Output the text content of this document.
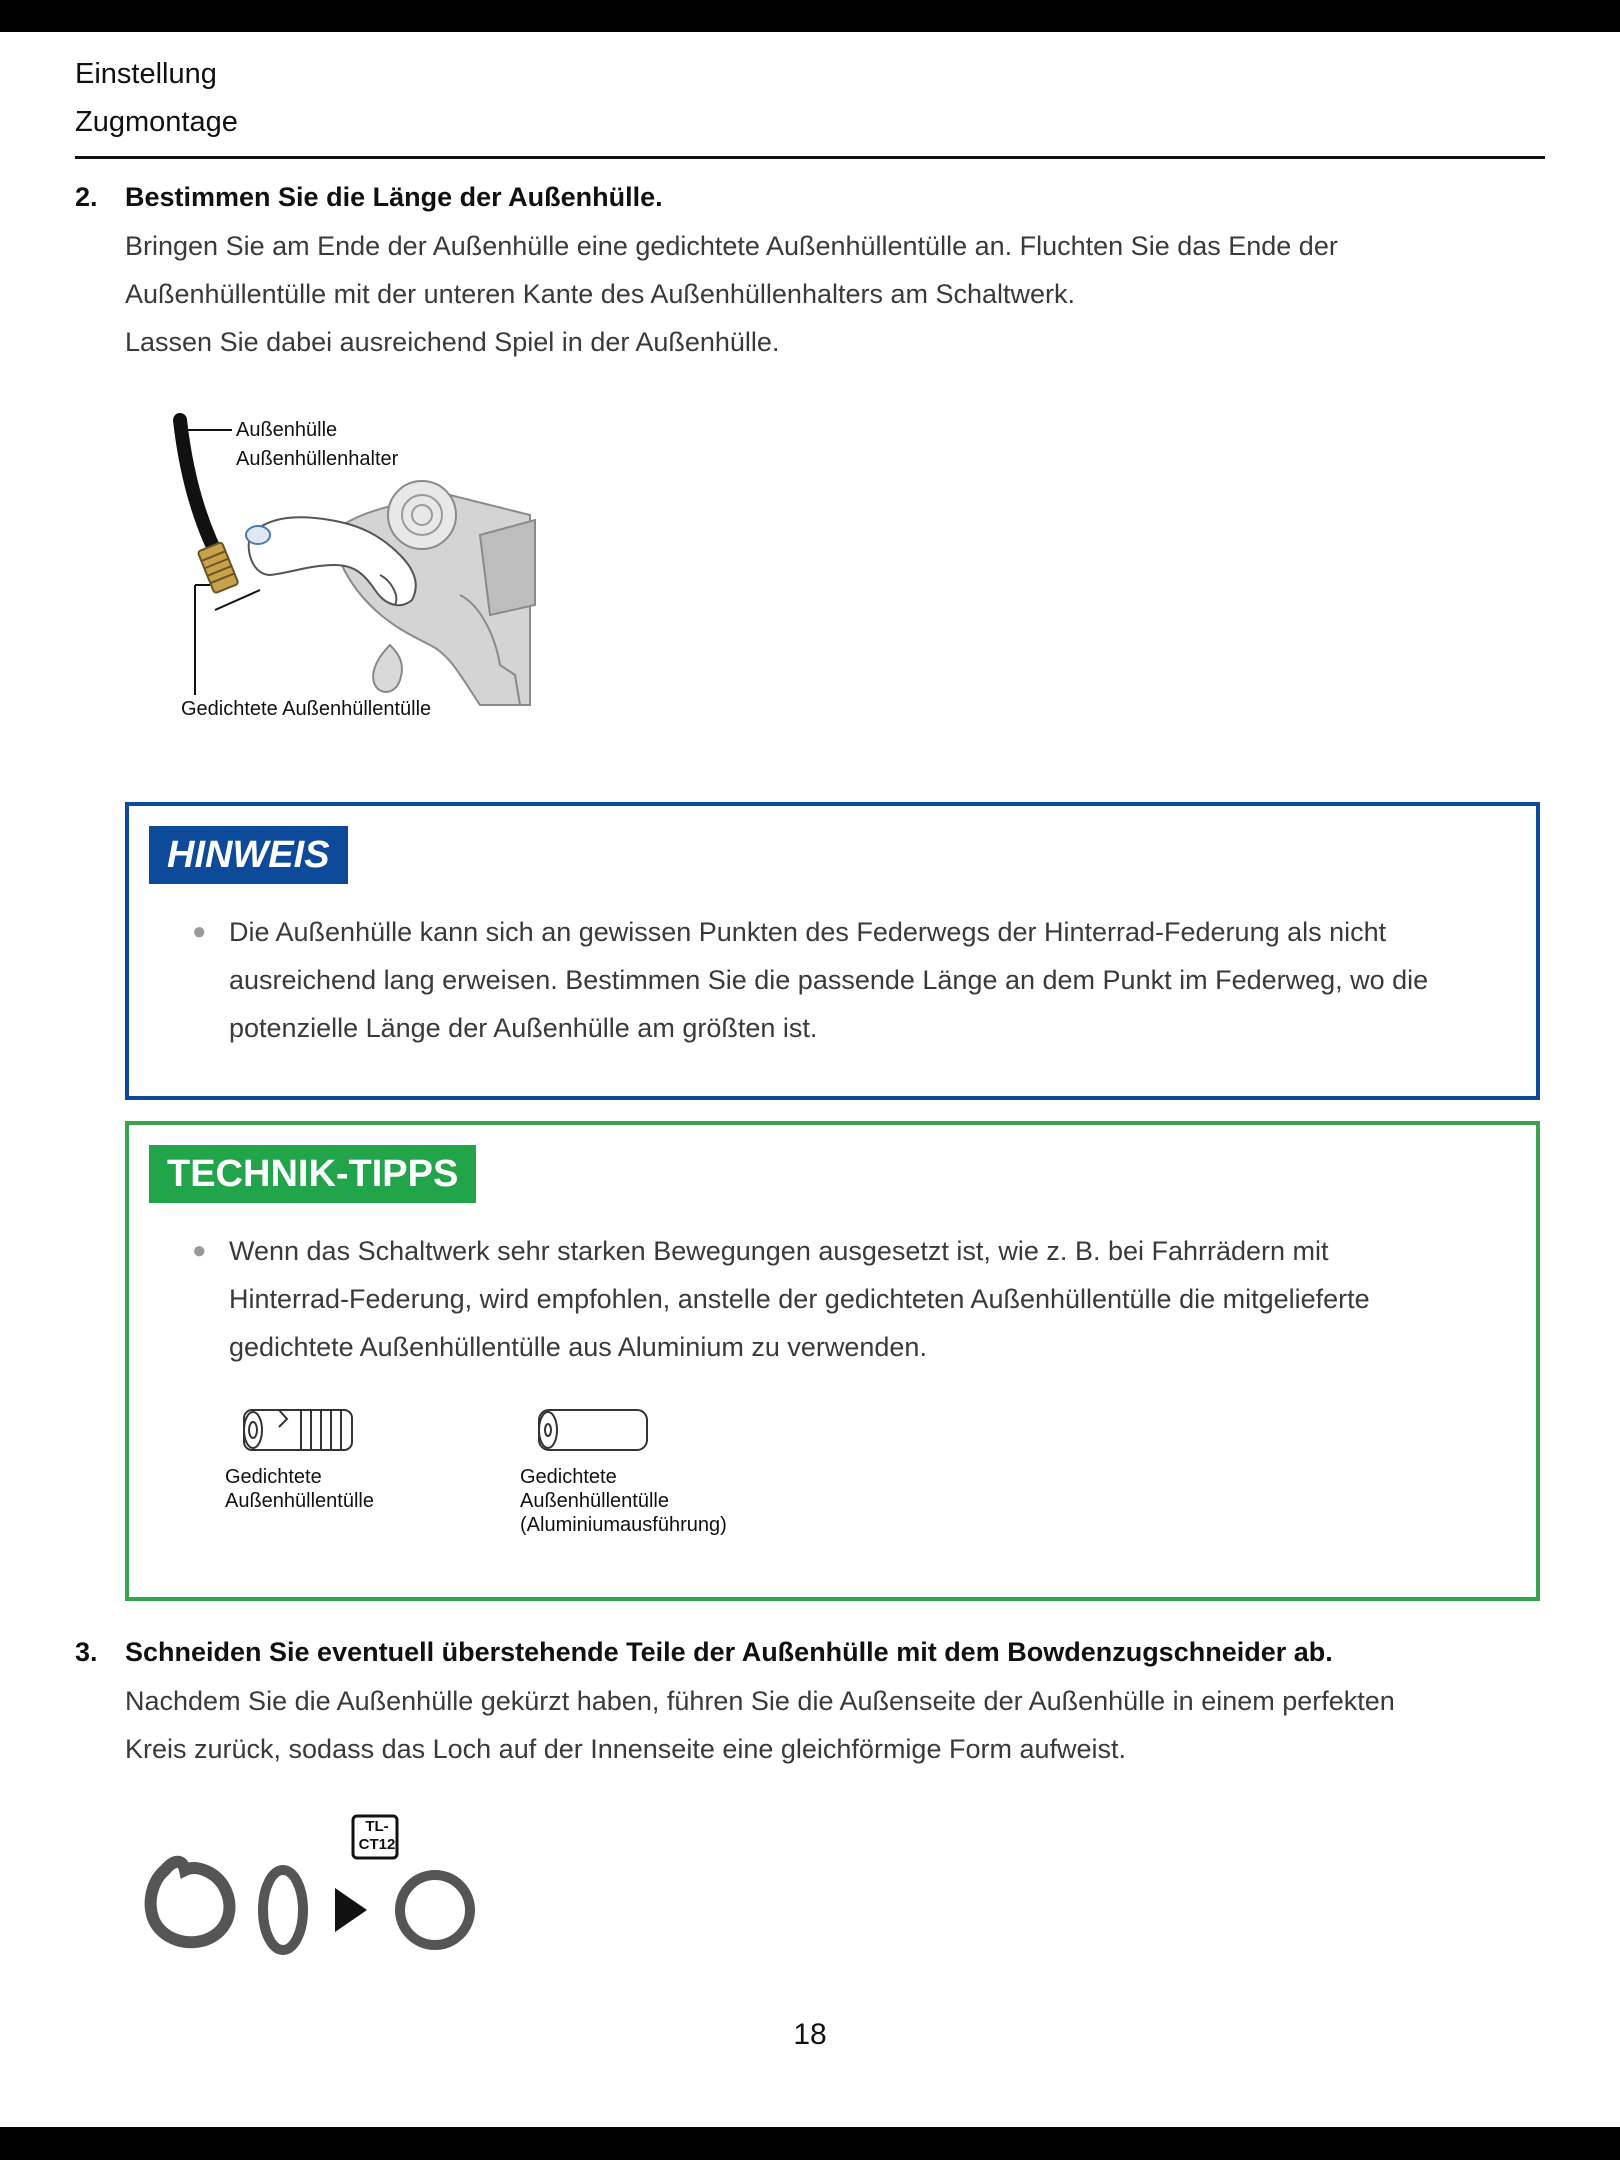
Einstellung
Zugmontage
2. Bestimmen Sie die Länge der Außenhülle.

Bringen Sie am Ende der Außenhülle eine gedichtete Außenhüllentülle an. Fluchten Sie das Ende der

Außenhüllentülle mit der unteren Kante des Außenhüllenhalters am Schaltwerk.

Lassen Sie dabei ausreichend Spiel in der Außenhülle.

Außenhülle
Außenhüllenhalter
Gedichtete Außenhüllentülle
HINWEIS
● Die Außenhülle kann sich an gewissen Punkten des Federwegs der Hinterrad-Federung als nicht
ausreichend lang erweisen. Bestimmen Sie die passende Länge an dem Punkt im Federweg, wo die
potenzielle Länge der Außenhülle am größten ist.
TECHNIK-TIPPS
● Wenn das Schaltwerk sehr starken Bewegungen ausgesetzt ist, wie z. B. bei Fahrrädern mit
Hinterrad-Federung, wird empfohlen, anstelle der gedichteten Außenhüllentülle die mitgelieferte
gedichtete Außenhüllentülle aus Aluminium zu verwenden.
Gedichtete
Außenhüllentülle
Gedichtete
Außenhüllentülle
(Aluminiumausführung)
3. Schneiden Sie eventuell überstehende Teile der Außenhülle mit dem Bowdenzugschneider ab.

Nachdem Sie die Außenhülle gekürzt haben, führen Sie die Außenseite der Außenhülle in einem perfekten

Kreis zurück, sodass das Loch auf der Innenseite eine gleichförmige Form aufweist.

TL-
CT12
18
